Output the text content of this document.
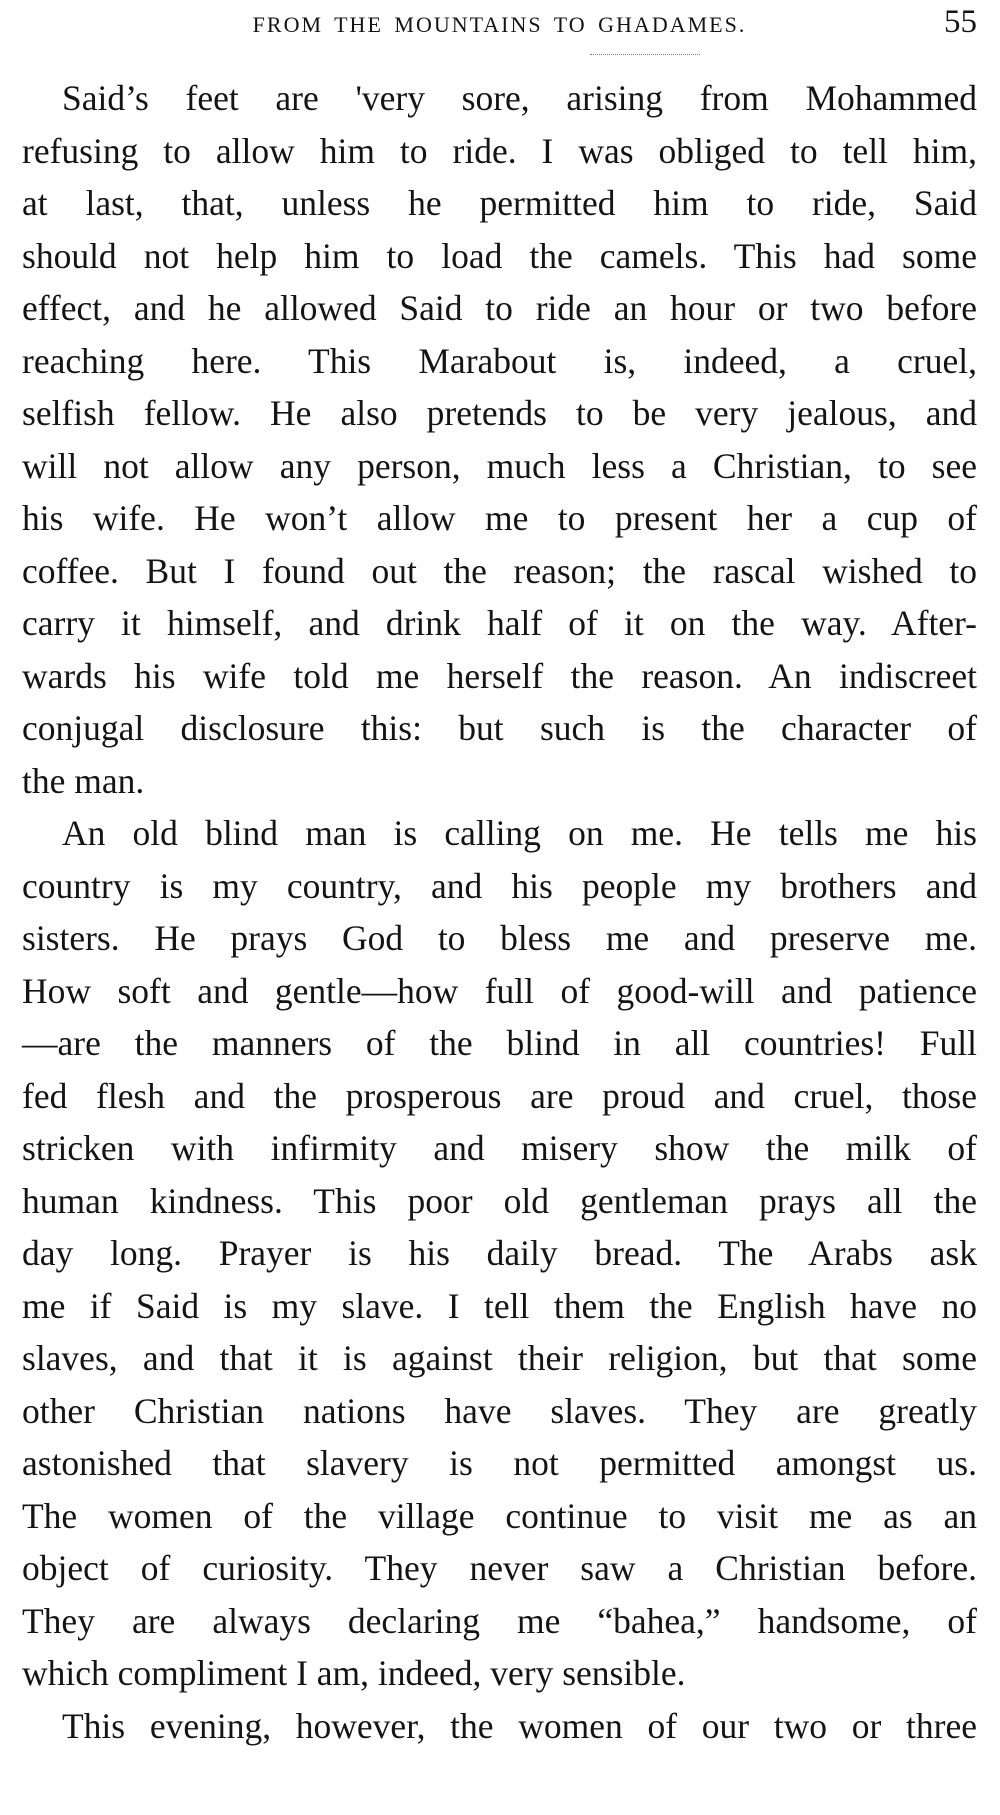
FROM THE MOUNTAINS TO GHADAMES.	55
Said’s feet are 'very sore, arising from Mohammed
refusing to allow him to ride. I was obliged to tell him,
at last, that, unless he permitted him to ride, Said
should not help him to load the camels. This had some
effect, and he allowed Said to ride an hour or two before
reaching here. This Marabout is, indeed, a cruel,
selfish fellow. He also pretends to be very jealous, and
will not allow any person, much less a Christian, to see
his wife. He won’t allow me to present her a cup of
coffee. But I found out the reason; the rascal wished to
carry it himself, and drink half of it on the way. After-
wards his wife told me herself the reason. An indiscreet
conjugal disclosure this: but such is the character of
the man.
An old blind man is calling on me. He tells me his
country is my country, and his people my brothers and
sisters. He prays God to bless me and preserve me.
How soft and gentle—how full of good-will and patience
—are the manners of the blind in all countries! Full
fed flesh and the prosperous are proud and cruel, those
stricken with infirmity and misery show the milk of
human kindness. This poor old gentleman prays all the
day long. Prayer is his daily bread. The Arabs ask
me if Said is my slave. I tell them the English have no
slaves, and that it is against their religion, but that some
other Christian nations have slaves. They are greatly
astonished that slavery is not permitted amongst us.
The women of the village continue to visit me as an
object of curiosity. They never saw a Christian before.
They are always declaring me “bahea,” handsome, of
which compliment I am, indeed, very sensible.
This evening, however, the women of our two or three
